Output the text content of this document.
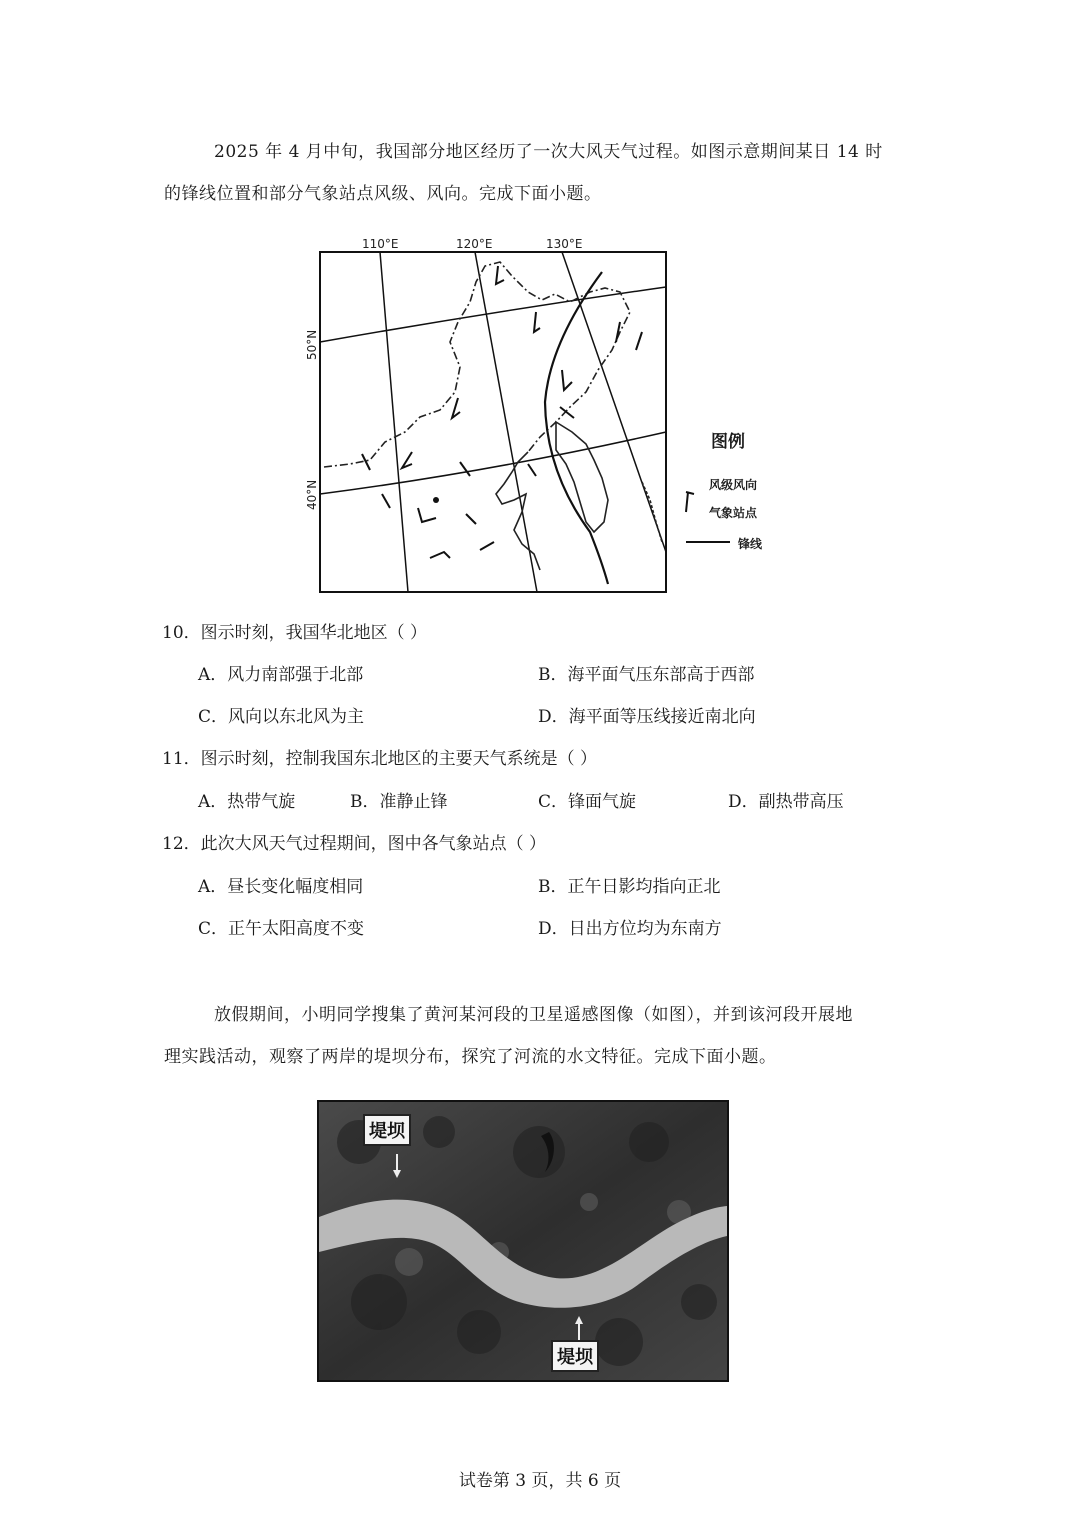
2025 年 4 月中旬，我国部分地区经历了一次大风天气过程。如图示意期间某日 14 时
的锋线位置和部分气象站点风级、风向。完成下面小题。
110°E	120°E	130°E
50°N
40°N
图例
风级风向
气象站点
锋线
10．图示时刻，我国华北地区（ ）
A．风力南部强于北部	B．海平面气压东部高于西部
C．风向以东北风为主	D．海平面等压线接近南北向
11．图示时刻，控制我国东北地区的主要天气系统是（ ）
A．热带气旋	B．准静止锋	C．锋面气旋	D．副热带高压
12．此次大风天气过程期间，图中各气象站点（ ）
A．昼长变化幅度相同	B．正午日影均指向正北
C．正午太阳高度不变	D．日出方位均为东南方
放假期间，小明同学搜集了黄河某河段的卫星遥感图像（如图），并到该河段开展地
理实践活动，观察了两岸的堤坝分布，探究了河流的水文特征。完成下面小题。
堤坝
堤坝
试卷第 3 页，共 6 页
